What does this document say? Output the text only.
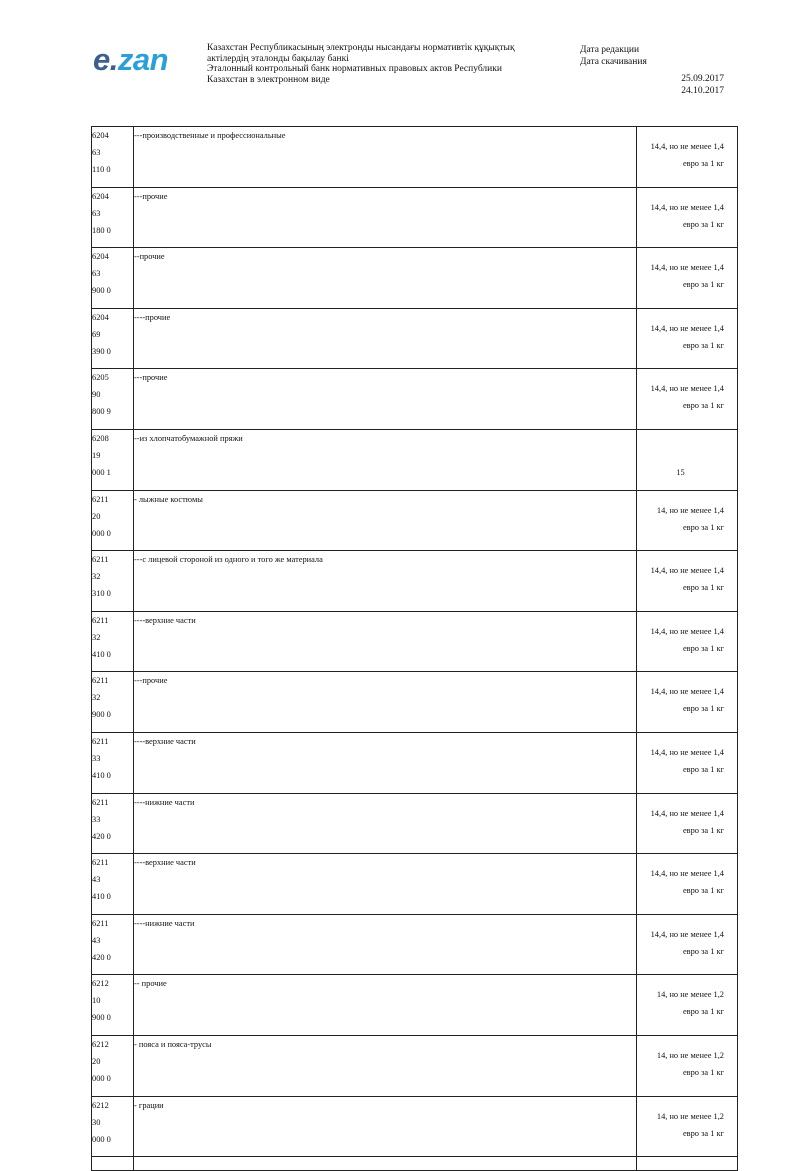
e.zan	Казахстан Республикасының электронды нысандағы нормативтік құқықтық
актілердің эталонды бақылау банкі
Эталонный контрольный банк нормативных правовых актов Республики
Казахстан в электронном виде
Дата редакции
Дата скачивания
25.09.2017
24.10.2017
6204
63
110 0	---производственные и профессиональные	14,4, но не менее 1,4
евро за 1 кг

6204
63
180 0	---прочие	14,4, но не менее 1,4
евро за 1 кг

6204
63
900 0	--прочие	14,4, но не менее 1,4
евро за 1 кг

6204
69
390 0	----прочие	14,4, но не менее 1,4
евро за 1 кг

6205
90
800 9	---прочие	14,4, но не менее 1,4
евро за 1 кг

6208
19
000 1	--из хлопчатобумажной пряжи	15

6211
20
000 0	- лыжные костюмы	14, но не менее 1,4
евро за 1 кг

6211
32
310 0	---с лицевой стороной из одного и того же материала	14,4, но не менее 1,4
евро за 1 кг

6211
32
410 0	----верхние части	14,4, но не менее 1,4
евро за 1 кг

6211
32
900 0	---прочие	14,4, но не менее 1,4
евро за 1 кг

6211
33
410 0	----верхние части	14,4, но не менее 1,4
евро за 1 кг

6211
33
420 0	----нижние части	14,4, но не менее 1,4
евро за 1 кг

6211
43
410 0	----верхние части	14,4, но не менее 1,4
евро за 1 кг

6211
43
420 0	----нижние части	14,4, но не менее 1,4
евро за 1 кг

6212
10
900 0	-- прочие	14, но не менее 1,2
евро за 1 кг

6212
20
000 0	- пояса и пояса-трусы	14, но не менее 1,2
евро за 1 кг

6212
30
000 0	- грации	14, но не менее 1,2
евро за 1 кг
